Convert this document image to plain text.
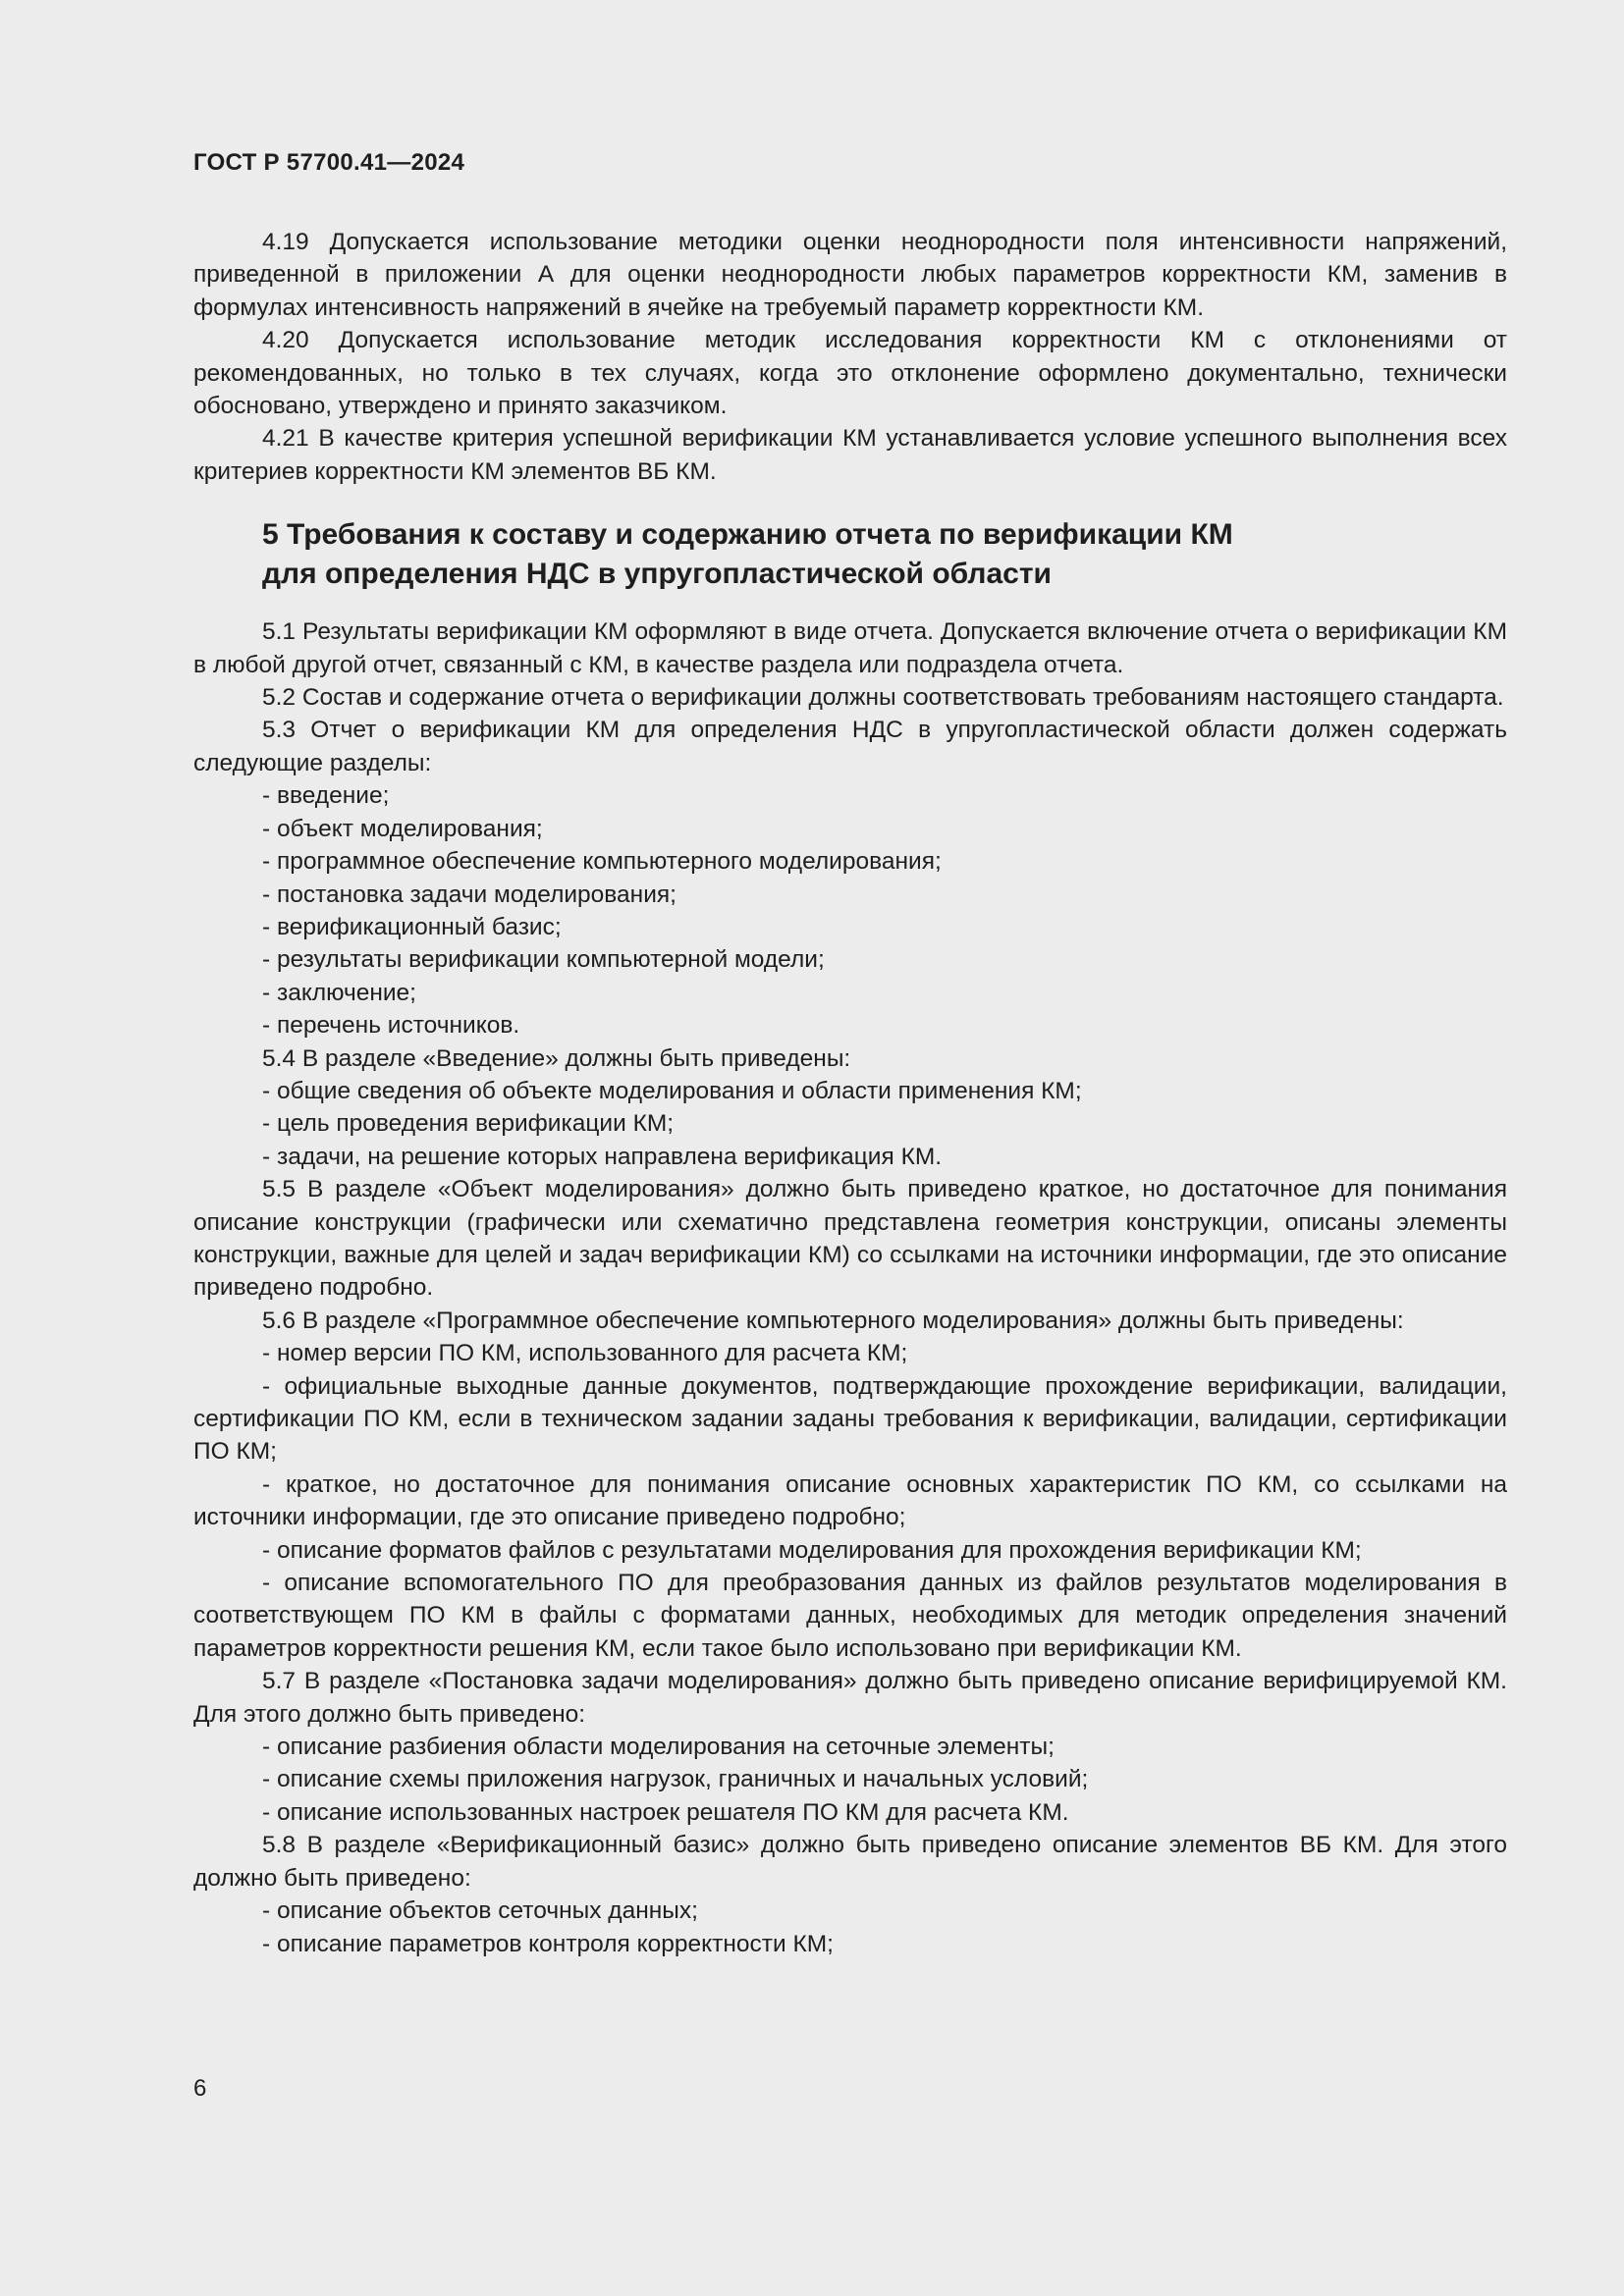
ГОСТ Р 57700.41—2024

4.19 Допускается использование методики оценки неоднородности поля интенсивности напряжений, приведенной в приложении А для оценки неоднородности любых параметров корректности КМ, заменив в формулах интенсивность напряжений в ячейке на требуемый параметр корректности КМ.

4.20 Допускается использование методик исследования корректности КМ с отклонениями от рекомендованных, но только в тех случаях, когда это отклонение оформлено документально, технически обосновано, утверждено и принято заказчиком.

4.21 В качестве критерия успешной верификации КМ устанавливается условие успешного выполнения всех критериев корректности КМ элементов ВБ КМ.

5 Требования к составу и содержанию отчета по верификации КМ
для определения НДС в упругопластической области

5.1 Результаты верификации КМ оформляют в виде отчета. Допускается включение отчета о верификации КМ в любой другой отчет, связанный с КМ, в качестве раздела или подраздела отчета.

5.2 Состав и содержание отчета о верификации должны соответствовать требованиям настоящего стандарта.

5.3 Отчет о верификации КМ для определения НДС в упругопластической области должен содержать следующие разделы:

- введение;

- объект моделирования;

- программное обеспечение компьютерного моделирования;

- постановка задачи моделирования;

- верификационный базис;

- результаты верификации компьютерной модели;

- заключение;

- перечень источников.

5.4 В разделе «Введение» должны быть приведены:

- общие сведения об объекте моделирования и области применения КМ;

- цель проведения верификации КМ;

- задачи, на решение которых направлена верификация КМ.

5.5 В разделе «Объект моделирования» должно быть приведено краткое, но достаточное для понимания описание конструкции (графически или схематично представлена геометрия конструкции, описаны элементы конструкции, важные для целей и задач верификации КМ) со ссылками на источники информации, где это описание приведено подробно.

5.6 В разделе «Программное обеспечение компьютерного моделирования» должны быть приведены:

- номер версии ПО КМ, использованного для расчета КМ;

- официальные выходные данные документов, подтверждающие прохождение верификации, валидации, сертификации ПО КМ, если в техническом задании заданы требования к верификации, валидации, сертификации ПО КМ;

- краткое, но достаточное для понимания описание основных характеристик ПО КМ, со ссылками на источники информации, где это описание приведено подробно;

- описание форматов файлов с результатами моделирования для прохождения верификации КМ;

- описание вспомогательного ПО для преобразования данных из файлов результатов моделирования в соответствующем ПО КМ в файлы с форматами данных, необходимых для методик определения значений параметров корректности решения КМ, если такое было использовано при верификации КМ.

5.7 В разделе «Постановка задачи моделирования» должно быть приведено описание верифицируемой КМ. Для этого должно быть приведено:

- описание разбиения области моделирования на сеточные элементы;

- описание схемы приложения нагрузок, граничных и начальных условий;

- описание использованных настроек решателя ПО КМ для расчета КМ.

5.8 В разделе «Верификационный базис» должно быть приведено описание элементов ВБ КМ. Для этого должно быть приведено:

- описание объектов сеточных данных;

- описание параметров контроля корректности КМ;

6
